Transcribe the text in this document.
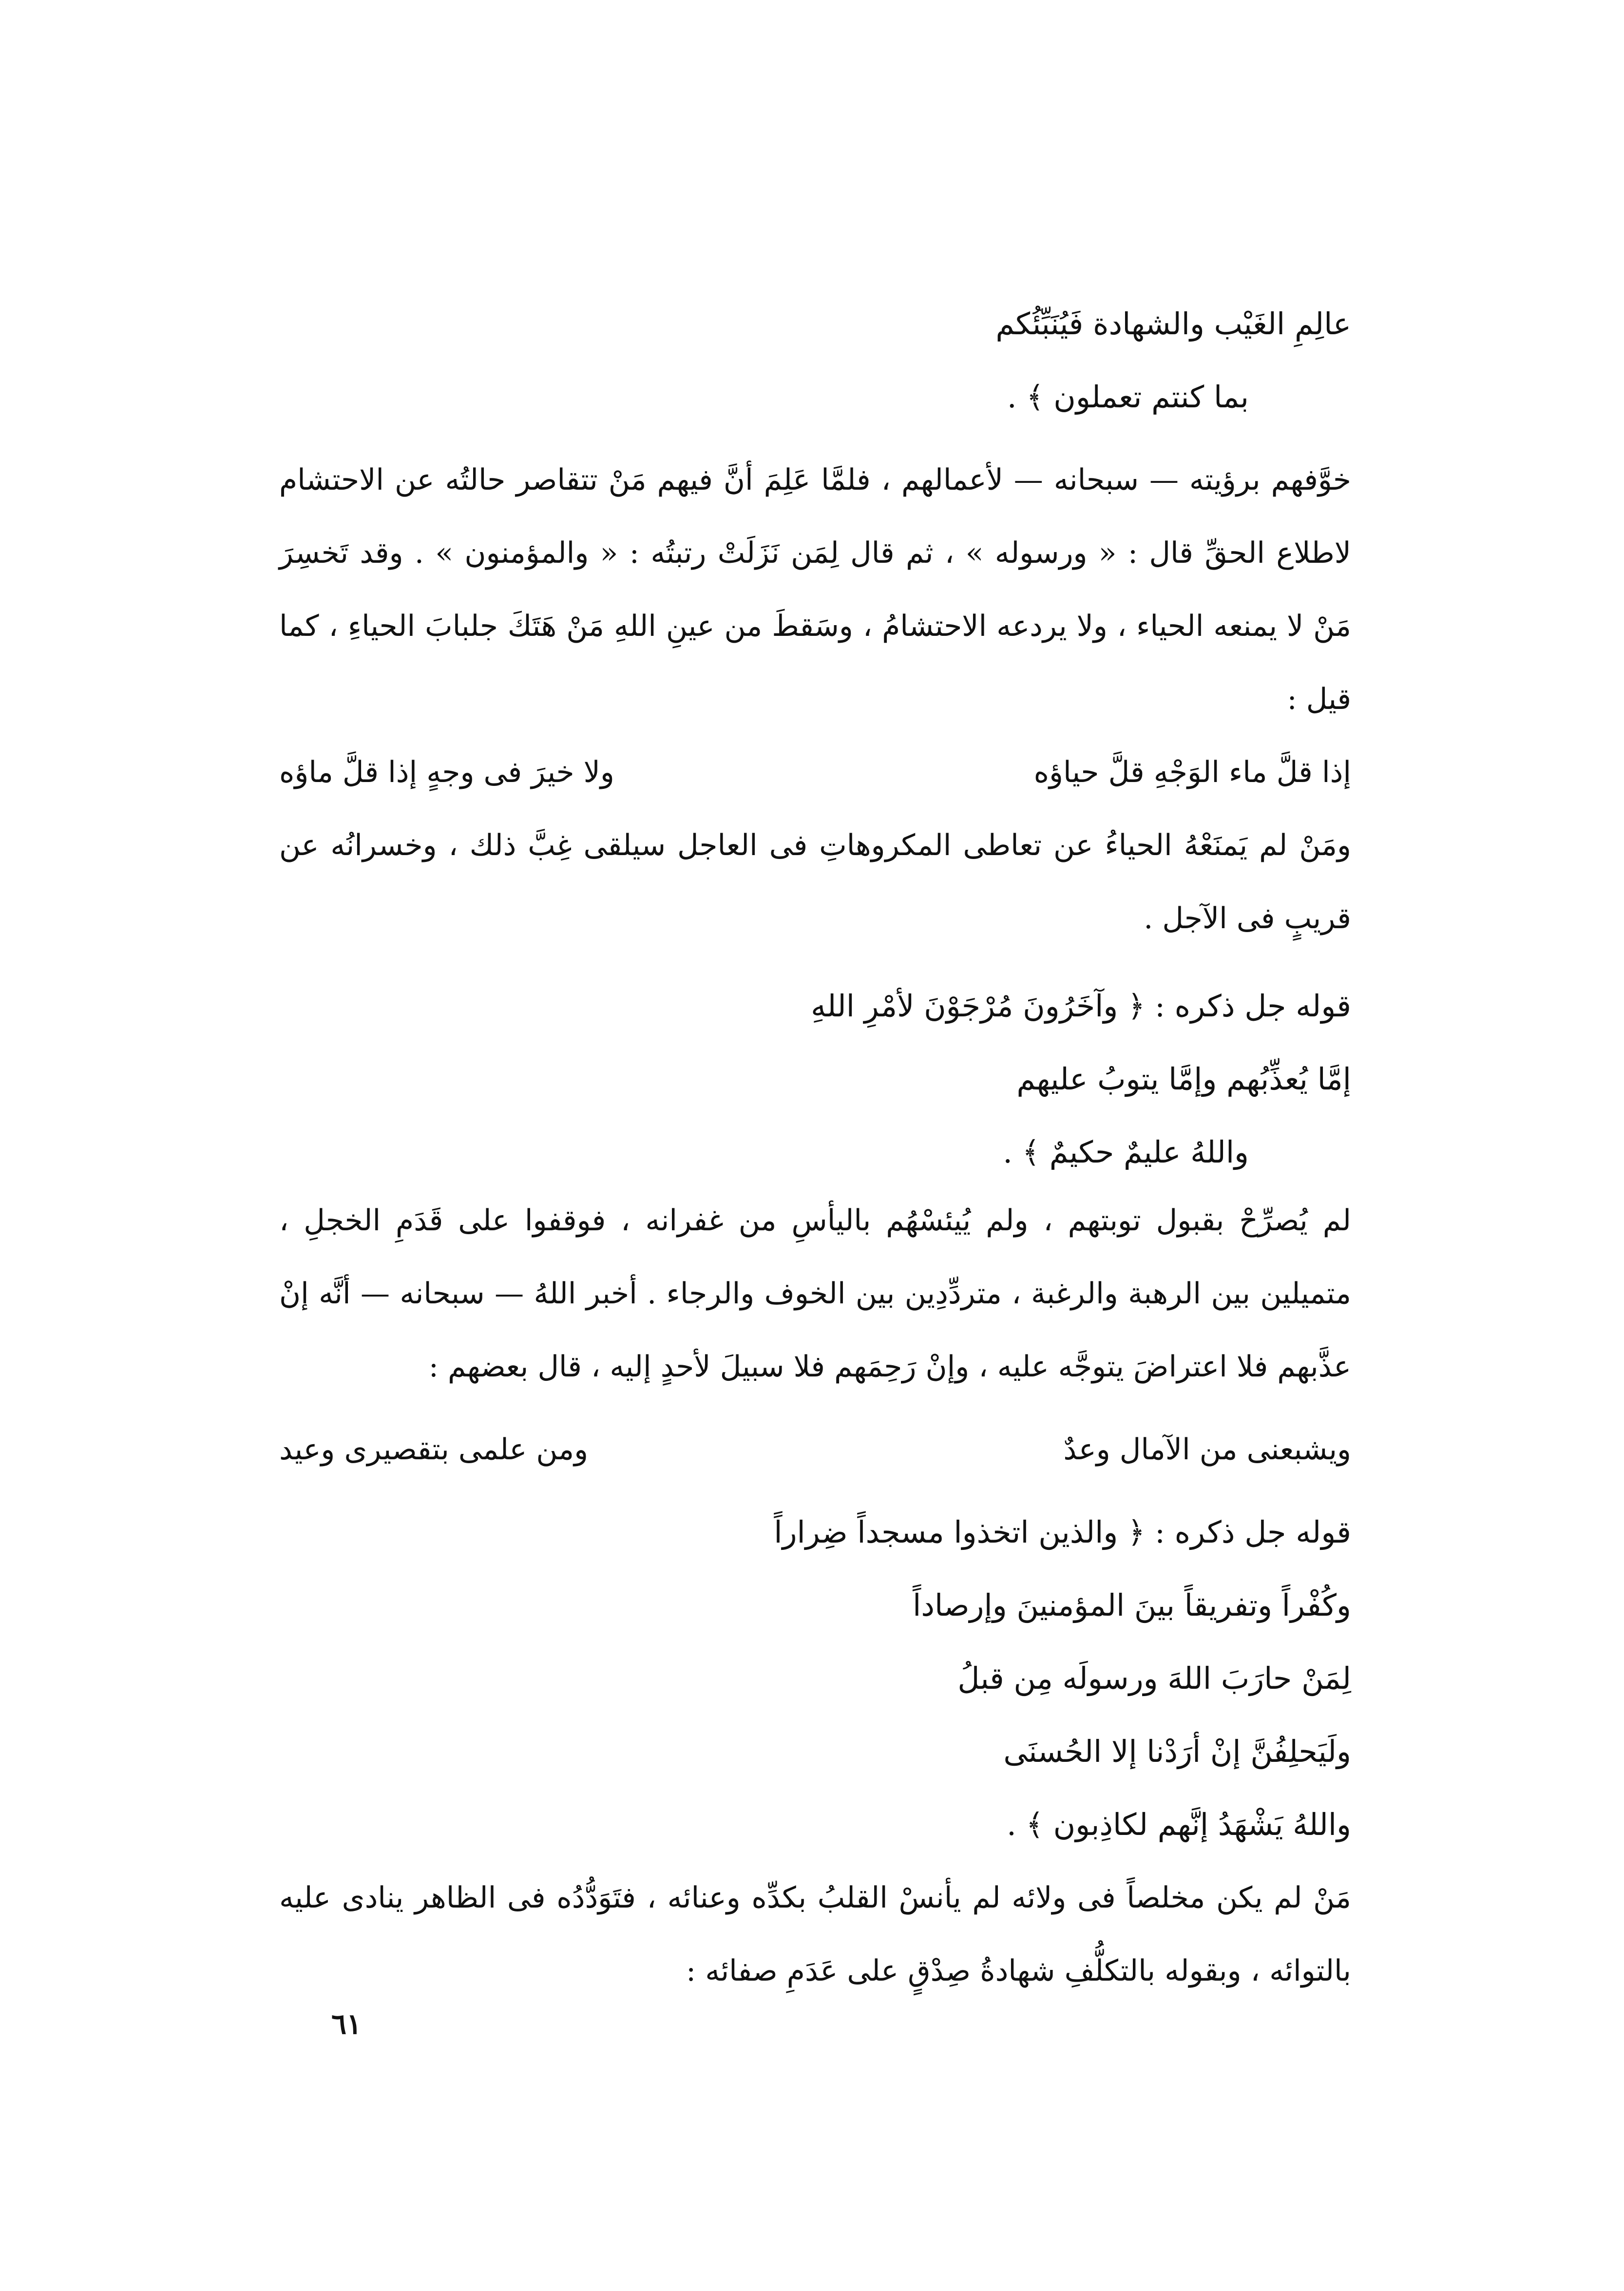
عالِمِ الغَيْب والشهادة فَيُنَبِّئُكم
بما كنتم تعملون ﴾ .
خوَّفهم برؤيته — سبحانه — لأعمالهم ، فلمَّا عَلِمَ أنَّ فيهم مَنْ تتقاصر حالتُه عن الاحتشام لاطلاع الحقِّ قال : « ورسوله » ، ثم قال لِمَن نَزَلَتْ رتبتُه : « والمؤمنون » . وقد تَخسِرَ مَنْ لا يمنعه الحياء ، ولا يردعه الاحتشامُ ، وسَقطَ من عينِ اللهِ مَنْ هَتَكَ جلبابَ الحياءِ ، كما قيل :
إذا قلَّ ماء الوَجْهِ قلَّ حياؤه
ولا خيرَ فى وجهٍ إذا قلَّ ماؤه
ومَنْ لم يَمنَعْهُ الحياءُ عن تعاطى المكروهاتِ فى العاجل سيلقى غِبَّ ذلك ، وخسرانُه عن قريبٍ فى الآجل .
قوله جل ذكره : ﴿ وآخَرُونَ مُرْجَوْنَ لأمْرِ اللهِ
إمَّا يُعذِّبُهم وإمَّا يتوبُ عليهم
واللهُ عليمٌ حكيمٌ ﴾ .
لم يُصرِّحْ بقبول توبتهم ، ولم يُيئسْهُم باليأسِ من غفرانه ، فوقفوا على قَدَمِ الخجلِ ، متميلين بين الرهبة والرغبة ، متردِّدِين بين الخوف والرجاء . أخبر اللهُ — سبحانه — أنَّه إنْ عذَّبهم فلا اعتراضَ يتوجَّه عليه ، وإنْ رَحِمَهم فلا سبيلَ لأحدٍ إليه ، قال بعضهم :
ويشبعنى من الآمال وعدٌ
ومن علمى بتقصيرى وعيد
قوله جل ذكره : ﴿ والذين اتخذوا مسجداً ضِراراً
وكُفْراً وتفريقاً بينَ المؤمنينَ وإرصاداً
لِمَنْ حارَبَ اللهَ ورسولَه مِن قبلُ
ولَيَحلِفُنَّ إنْ أرَدْنا إلا الحُسنَى
واللهُ يَشْهَدُ إنَّهم لكاذِبون ﴾ .
مَنْ لم يكن مخلصاً فى ولائه لم يأنسْ القلبُ بكدِّه وعنائه ، فتَوَدُّدُه فى الظاهر ينادى عليه بالتوائه ، وبقوله بالتكلُّفِ شهادةُ صِدْقٍ على عَدَمِ صفائه :
٦١
